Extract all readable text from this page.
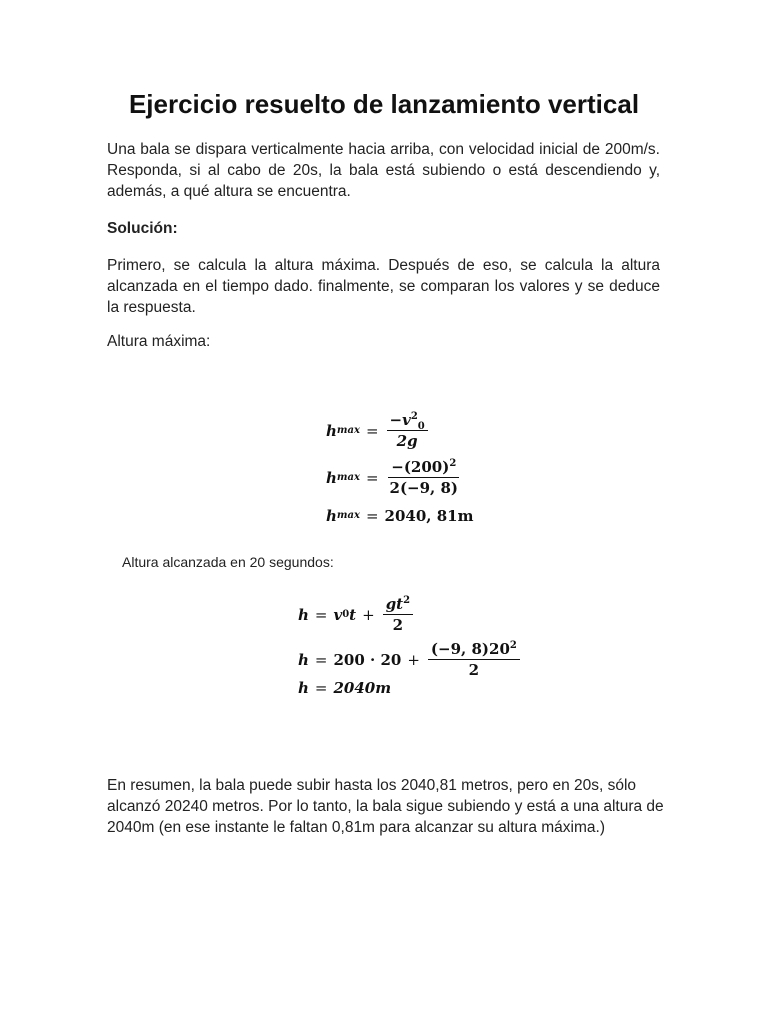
Ejercicio resuelto de lanzamiento vertical
Una bala se dispara verticalmente hacia arriba, con velocidad inicial de 200m/s. Responda, si al cabo de 20s, la bala está subiendo o está descendiendo y, además, a qué altura se encuentra.
Solución:
Primero, se calcula la altura máxima. Después de eso, se calcula la altura alcanzada en el tiempo dado. finalmente, se comparan los valores y se deduce la respuesta.
Altura máxima:
h $\max = \frac{-v^2_0}{2g}$
h $\max = \frac{-(200)^2}{2(-9, 8)}$
h max = 2040, 81m
Altura alcanzada en 20 segundos:
h = v 0 $t + \frac{gt^2}{2}$
$h = 200 \cdot 20 + \frac{(-9, 8)20^2}{2}$
h = 2040m
En resumen, la bala puede subir hasta los 2040,81 metros, pero en 20s, sólo alcanzó 20240 metros. Por lo tanto, la bala sigue subiendo y está a una altura de 2040m (en ese instante le faltan 0,81m para alcanzar su altura máxima.)
